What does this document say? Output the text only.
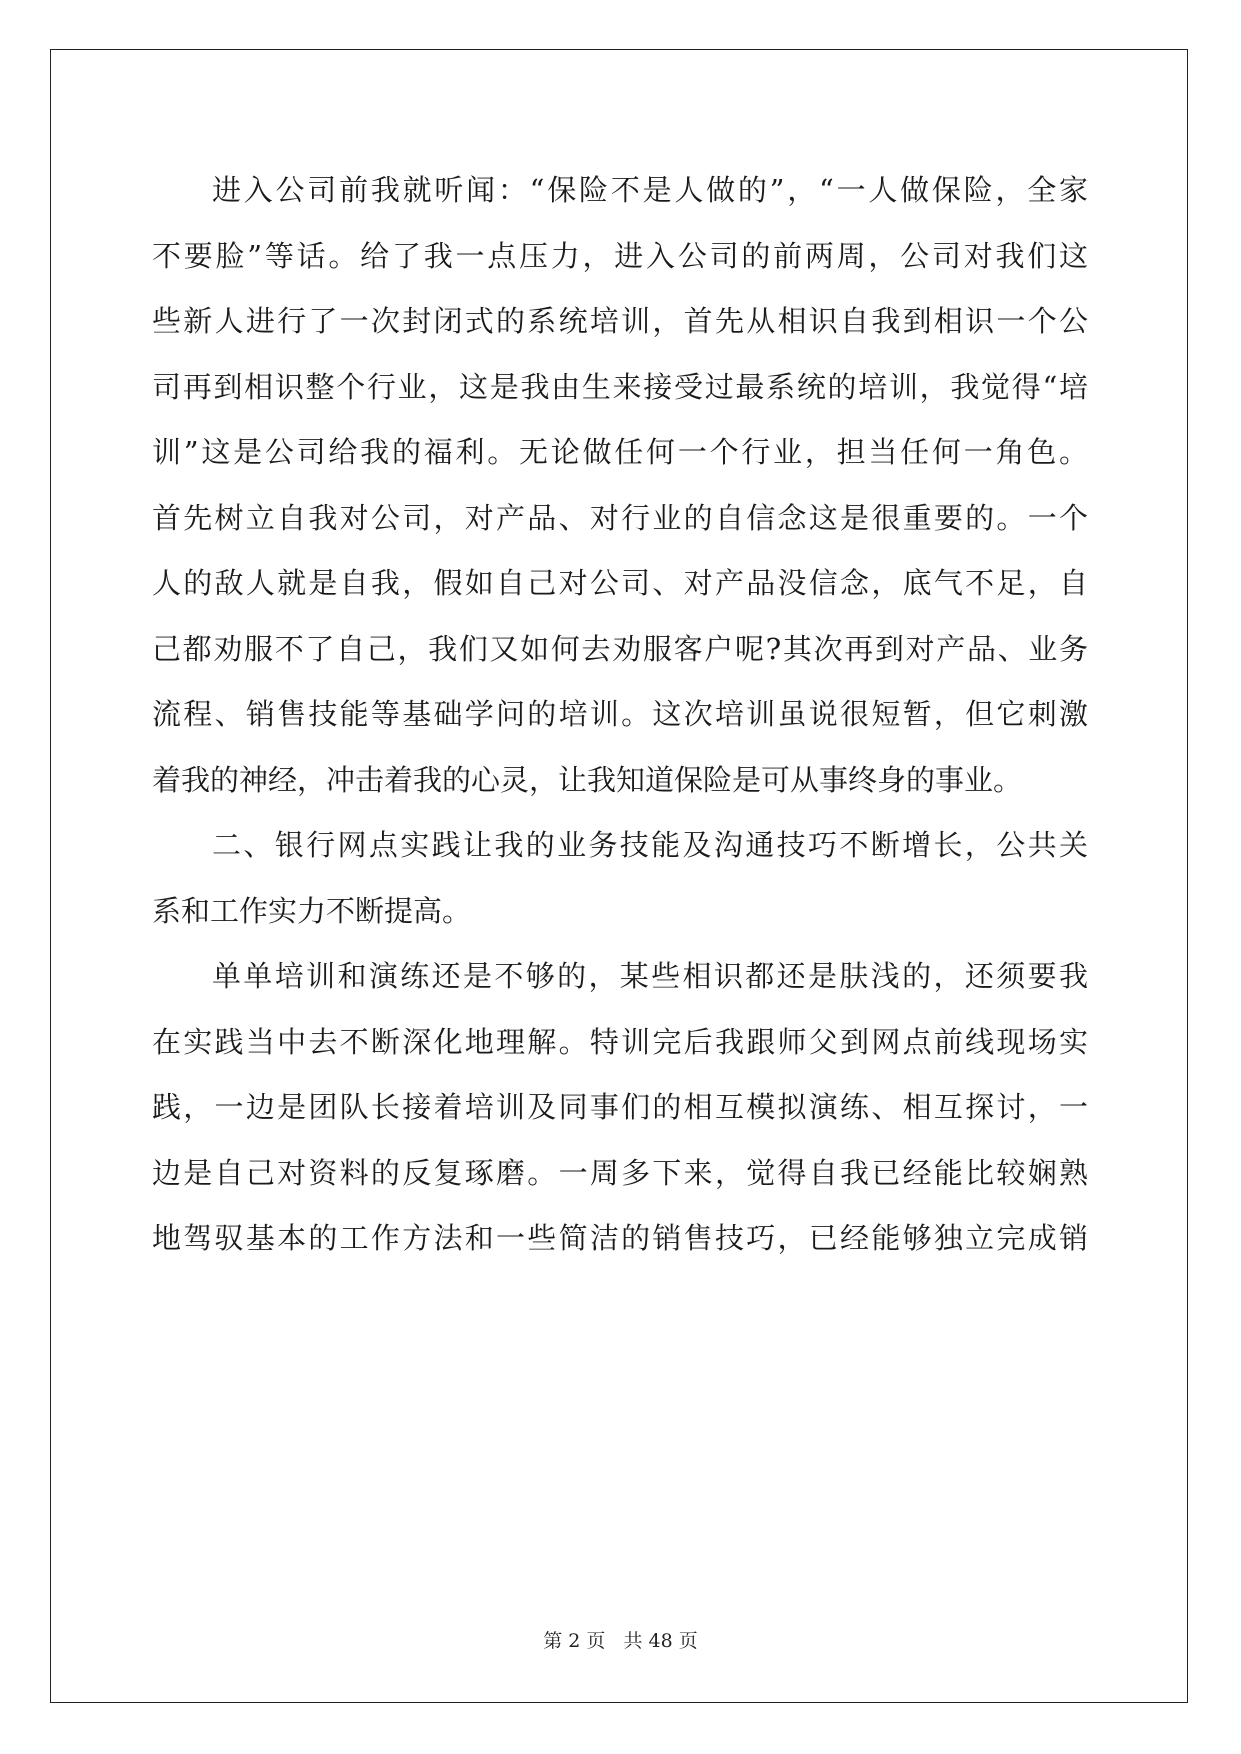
进入公司前我就听闻：“保险不是人做的”，“一人做保险，全家
不要脸”等话。给了我一点压力，进入公司的前两周，公司对我们这
些新人进行了一次封闭式的系统培训，首先从相识自我到相识一个公
司再到相识整个行业，这是我由生来接受过最系统的培训，我觉得“培
训”这是公司给我的福利。无论做任何一个行业，担当任何一角色。
首先树立自我对公司，对产品、对行业的自信念这是很重要的。一个
人的敌人就是自我，假如自己对公司、对产品没信念，底气不足，自
己都劝服不了自己，我们又如何去劝服客户呢?其次再到对产品、业务
流程、销售技能等基础学问的培训。这次培训虽说很短暂，但它刺激
着我的神经，冲击着我的心灵，让我知道保险是可从事终身的事业。
二、银行网点实践让我的业务技能及沟通技巧不断增长，公共关
系和工作实力不断提高。
单单培训和演练还是不够的，某些相识都还是肤浅的，还须要我
在实践当中去不断深化地理解。特训完后我跟师父到网点前线现场实
践，一边是团队长接着培训及同事们的相互模拟演练、相互探讨，一
边是自己对资料的反复琢磨。一周多下来，觉得自我已经能比较娴熟
地驾驭基本的工作方法和一些简洁的销售技巧，已经能够独立完成销
第 2 页 共 48 页
